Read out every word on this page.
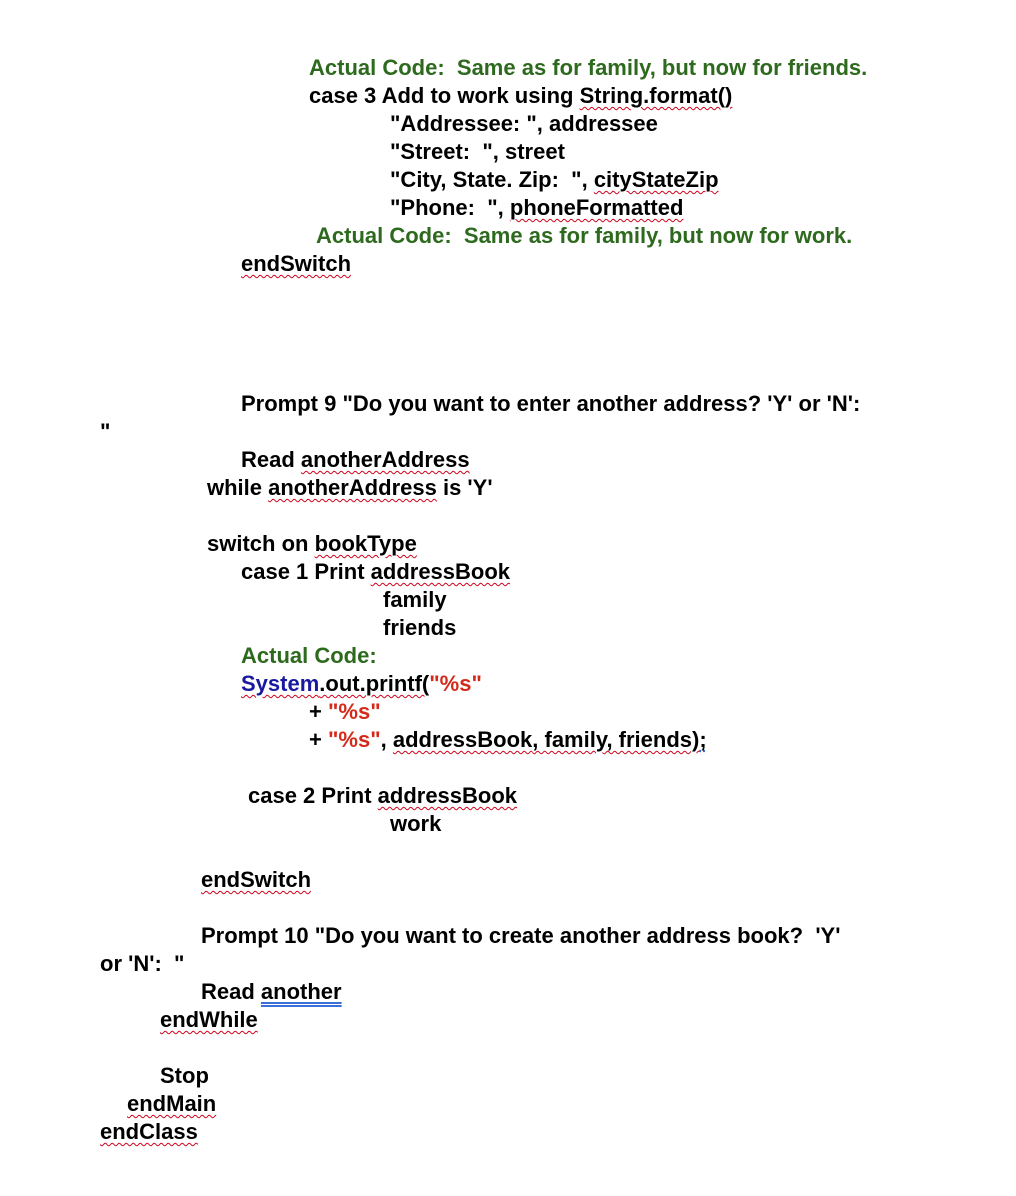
Actual Code:  Same as for family, but now for friends.
case 3 Add to work using String.format()
"Addressee: ", addressee
"Street:  ", street
"City, State. Zip:  ", cityStateZip
"Phone:  ", phoneFormatted
Actual Code:  Same as for family, but now for work.
endSwitch
Prompt 9 "Do you want to enter another address? 'Y' or 'N':
"
Read anotherAddress
while anotherAddress is 'Y'
switch on bookType
case 1 Print addressBook
family
friends
Actual Code:
System.out.printf("%s"
+ "%s"
+ "%s", addressBook, family, friends);
case 2 Print addressBook
work
endSwitch
Prompt 10 "Do you want to create another address book?  'Y'
or 'N':  "
Read another
endWhile
Stop
endMain
endClass
